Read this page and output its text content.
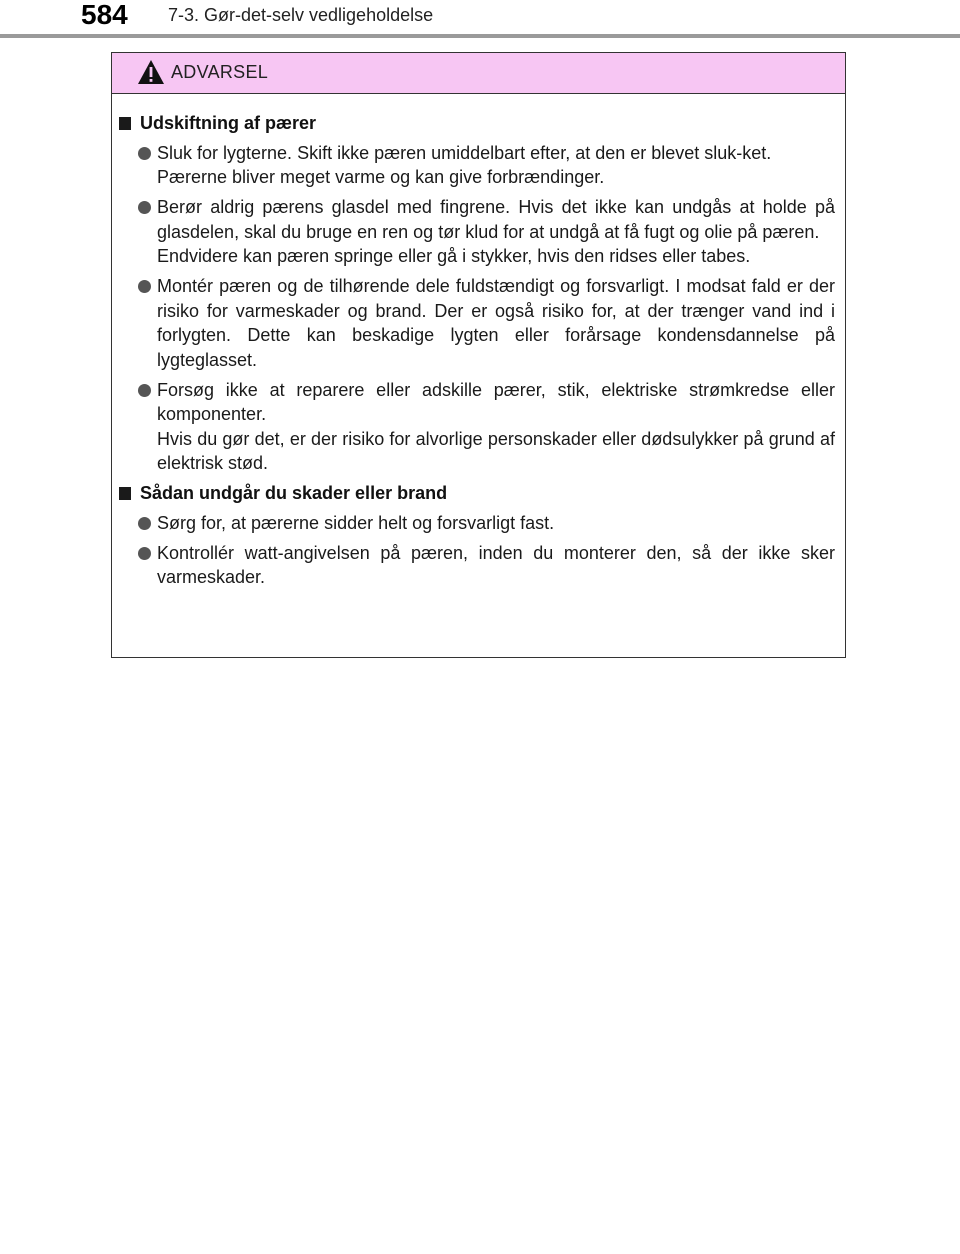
584 7-3. Gør-det-selv vedligeholdelse
ADVARSEL
Udskiftning af pærer

Sluk for lygterne. Skift ikke pæren umiddelbart efter, at den er blevet sluk-ket.

Pærerne bliver meget varme og kan give forbrændinger.

Berør aldrig pærens glasdel med fingrene. Hvis det ikke kan undgås at holde på glasdelen, skal du bruge en ren og tør klud for at undgå at få fugt og olie på pæren.

Endvidere kan pæren springe eller gå i stykker, hvis den ridses eller tabes.

Montér pæren og de tilhørende dele fuldstændigt og forsvarligt. I modsat fald er der risiko for varmeskader og brand. Der er også risiko for, at der trænger vand ind i forlygten. Dette kan beskadige lygten eller forårsage kondensdannelse på lygteglasset.

Forsøg ikke at reparere eller adskille pærer, stik, elektriske strømkredse eller komponenter.

Hvis du gør det, er der risiko for alvorlige personskader eller dødsulykker på grund af elektrisk stød.

Sådan undgår du skader eller brand

Sørg for, at pærerne sidder helt og forsvarligt fast.

Kontrollér watt-angivelsen på pæren, inden du monterer den, så der ikke sker varmeskader.
